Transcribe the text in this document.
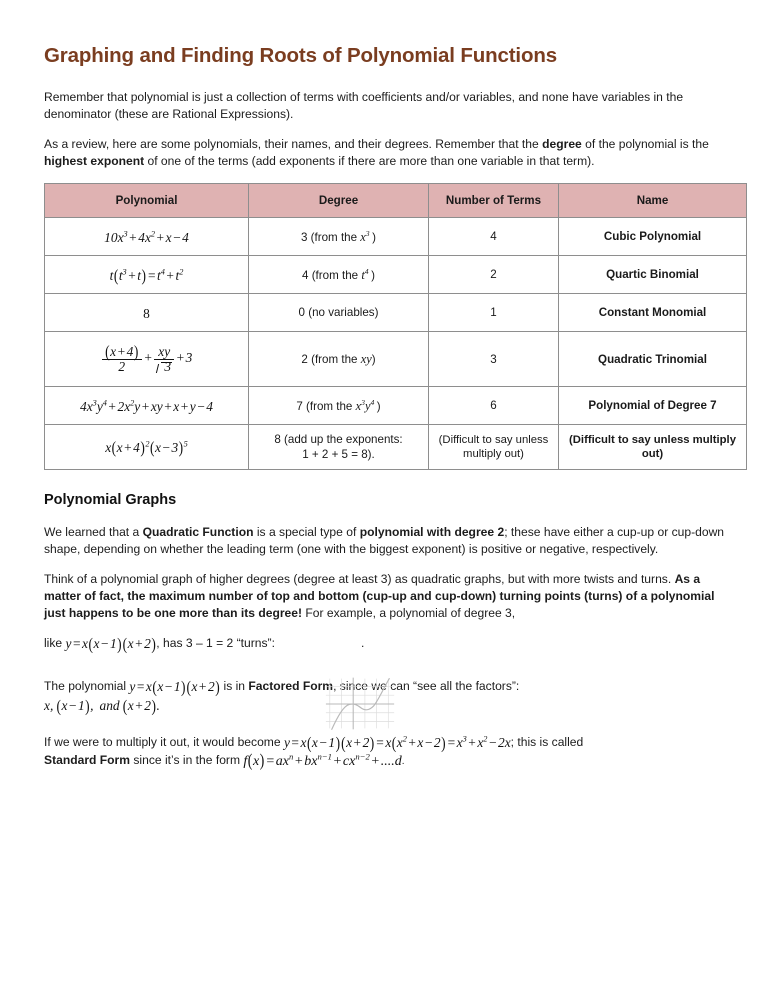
Graphing and Finding Roots of Polynomial Functions

Remember that polynomial is just a collection of terms with coefficients and/or variables, and none have variables in the denominator (these are Rational Expressions).

As a review, here are some polynomials, their names, and their degrees. Remember that the degree of the polynomial is the highest exponent of one of the terms (add exponents if there are more than one variable in that term).

Polynomial	Degree	Number of Terms	Name
$10x^3 + 4x^2 + x - 4$	3 (from the $x^3$  )	4	Cubic Polynomial
$t(t^3 + t) = t^4 + t^2$	4 (from the $t^4$  )	2	Quartic Binomial
8	0 (no variables)	1	Constant Monomial

$\frac{(x + 4)}{2} + \frac{xy}{3} + 3$	2 (from the xy)	3	Quadratic Trinomial
$4x^3y^4 + 2x^2y$ + xy + x + y − 4	7 (from the $x^3y^4$  )	6	Polynomial of Degree 7
$x(x + 4)^2(x - 3)^5$	8 (add up the exponents:
1 + 2 + 5 = 8).	(Difficult to say unless multiply out)	(Difficult to say unless multiply out)
Polynomial Graphs

We learned that a Quadratic Function is a special type of polynomial with degree 2; these have either a cup-up or cup-down shape, depending on whether the leading term (one with the biggest exponent) is positive or negative, respectively.

Think of a polynomial graph of higher degrees (degree at least 3) as quadratic graphs, but with more twists and turns. As a matter of fact, the maximum number of top and bottom (cup-up and cup-down) turning points (turns) of a polynomial just happens to be one more than its degree! For example, a polynomial of degree 3,

like y = x(x − 1)(x + 2), has 3 – 1 = 2 “turns”:	.

The polynomial y = x(x − 1)(x + 2) is in Factored Form, since we can “see all the factors”:
x, (x − 1),  and (x + 2).

If we were to multiply it out, it would become $y = x(x - 1)(x + 2) = x(x^2 + x - 2) = x^3 + x^2 - 2x$; this is called
Standard Form since it’s in the form $f(x) = ax^n + bx^{n-1} + cx^{n-2} + ....d$.
